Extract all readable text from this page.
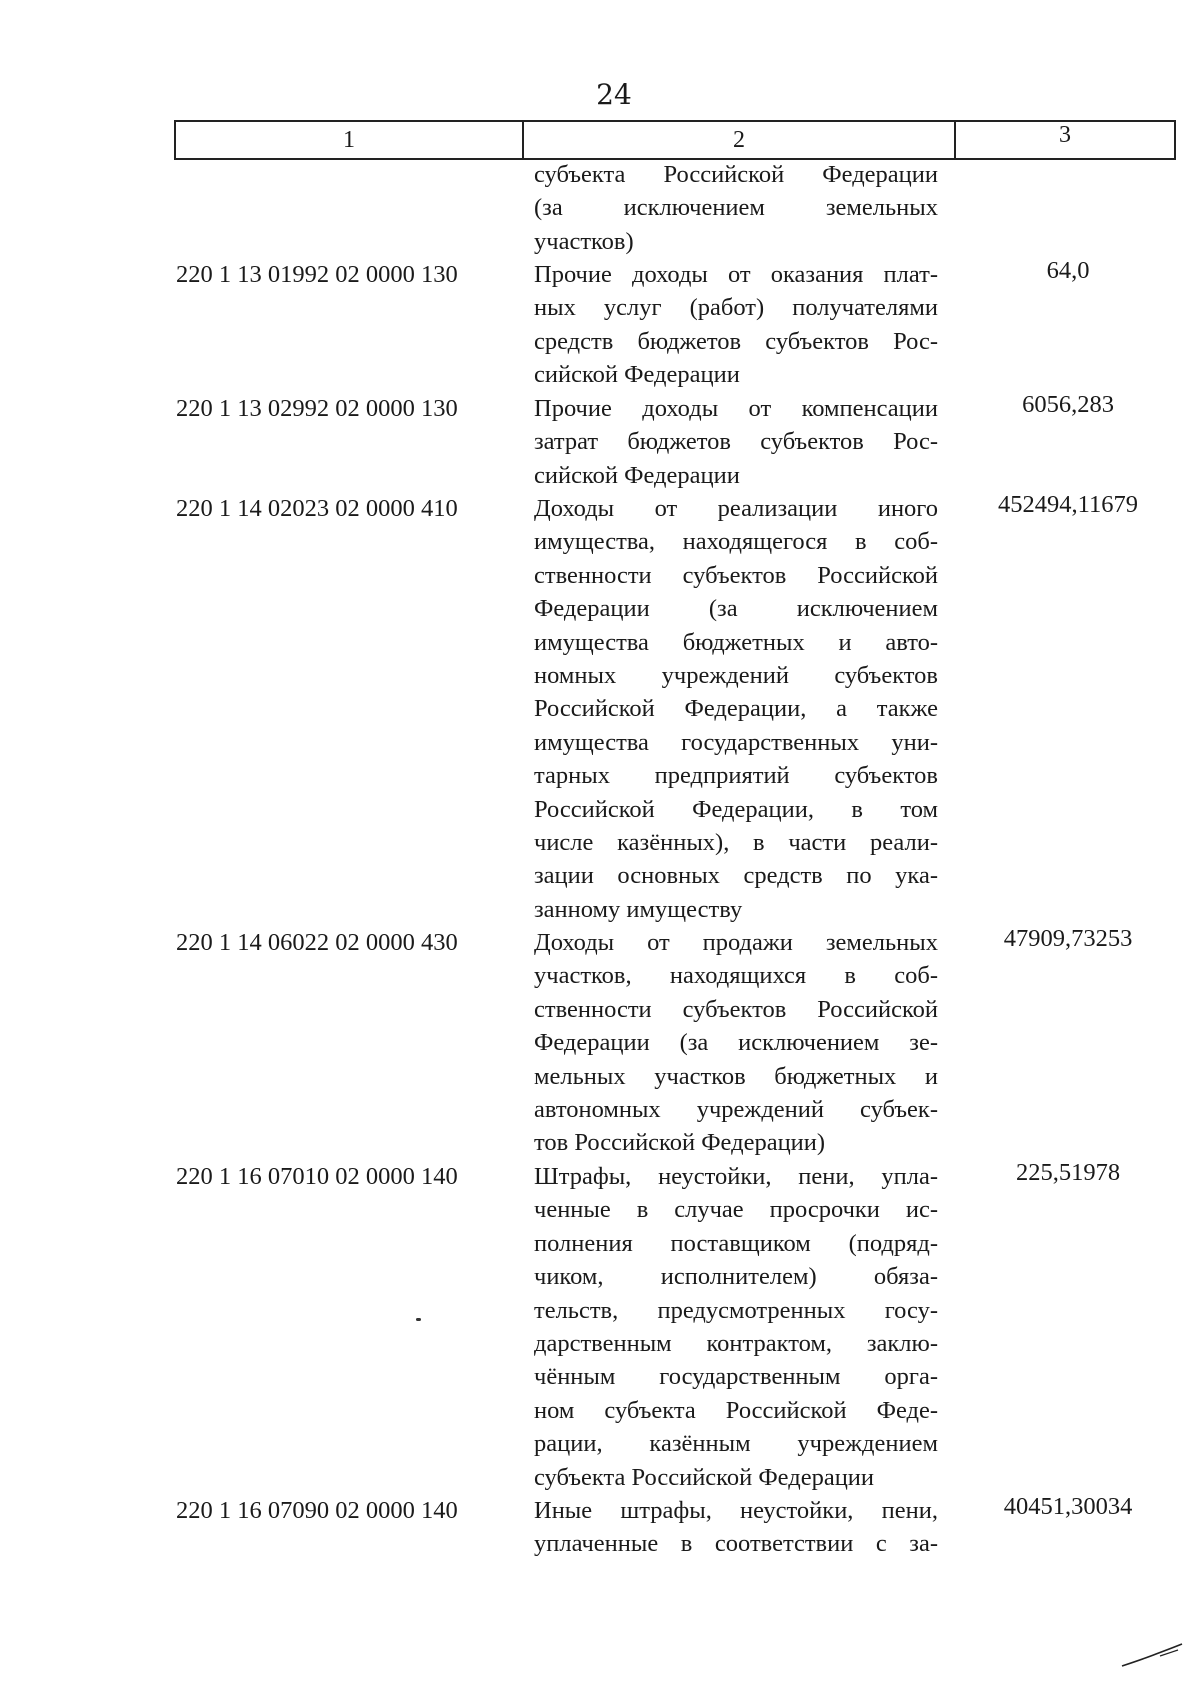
24
1	2	3
субъекта Российской Федерации
(за исключением земельных
участков)
220 1 13 01992 02 0000 130	Прочие доходы от оказания плат-
ных услуг (работ) получателями
средств бюджетов субъектов Рос-
сийской Федерации
64,0
220 1 13 02992 02 0000 130	Прочие доходы от компенсации
затрат бюджетов субъектов Рос-
сийской Федерации
6056,283
220 1 14 02023 02 0000 410	Доходы от реализации иного
имущества, находящегося в соб-
ственности субъектов Российской
Федерации (за исключением
имущества бюджетных и авто-
номных учреждений субъектов
Российской Федерации, а также
имущества государственных уни-
тарных предприятий субъектов
Российской Федерации, в том
числе казённых), в части реали-
зации основных средств по ука-
занному имуществу
452494,11679
220 1 14 06022 02 0000 430	Доходы от продажи земельных
участков, находящихся в соб-
ственности субъектов Российской
Федерации (за исключением зе-
мельных участков бюджетных и
автономных учреждений субъек-
тов Российской Федерации)
47909,73253
220 1 16 07010 02 0000 140	Штрафы, неустойки, пени, упла-
ченные в случае просрочки ис-
полнения поставщиком (подряд-
чиком, исполнителем) обяза-
тельств, предусмотренных госу-
дарственным контрактом, заклю-
чённым государственным орга-
ном субъекта Российской Феде-
рации, казённым учреждением
субъекта Российской Федерации
225,51978
220 1 16 07090 02 0000 140	Иные штрафы, неустойки, пени,
уплаченные в соответствии с за-
40451,30034
